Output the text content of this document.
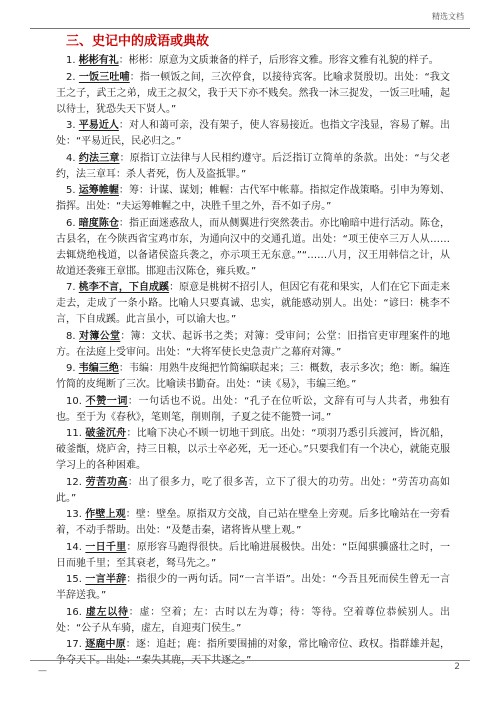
精选文档
三、史记中的成语或典故

1. 彬彬有礼：彬彬：原意为文质兼备的样子，后形容文雅。形容文雅有礼貌的样子。

2. 一饭三吐哺：指一顿饭之间，三次停食，以接待宾客。比喻求贤殷切。出处：“我文王之子，武王之弟，成王之叔父，我于天下亦不贱矣。然我一沐三捉发，一饭三吐哺，起以待士，犹恐失天下贤人。”

3. 平易近人：对人和蔼可亲，没有架子，使人容易接近。也指文字浅显，容易了解。出处：“平易近民，民必归之。”

4. 约法三章：原指订立法律与人民相约遵守。后泛指订立简单的条款。出处：“与父老约，法三章耳：杀人者死，伤人及盗抵罪。”

5. 运筹帷幄：筹：计谋、谋划；帷幄：古代军中帐幕。指拟定作战策略。引申为筹划、指挥。出处：“夫运筹帷幄之中，决胜千里之外，吾不如子房。”

6. 暗度陈仓：指正面迷惑敌人，而从侧翼进行突然袭击。亦比喻暗中进行活动。陈仓，古县名，在今陕西省宝鸡市东，为通向汉中的交通孔道。出处：“项王使卒三万人从……去辄烧绝栈道，以备诸侯盗兵袭之，亦示项王无东意。”“……八月，汉王用韩信之计，从故道还袭雍王章邯。邯迎击汉陈仓，雍兵败。”

7. 桃李不言，下自成蹊：原意是桃树不招引人，但因它有花和果实，人们在它下面走来走去，走成了一条小路。比喻人只要真诚、忠实，就能感动别人。出处：“谚曰：桃李不言，下自成蹊。此言虽小，可以谕大也。”

8. 对簿公堂：簿：文状、起诉书之类；对簿：受审问；公堂：旧指官吏审理案件的地方。在法庭上受审问。出处：“大将军使长史急责广之幕府对簿。”

9. 韦编三绝：韦编：用熟牛皮绳把竹简编联起来；三：概数，表示多次；绝：断。编连竹简的皮绳断了三次。比喻读书勤奋。出处：“读《易》，韦编三绝。”

10. 不赞一词：一句话也不说。出处：“孔子在位听讼，文辞有可与人共者，弗独有也。至于为《春秋》，笔则笔，削则削，子夏之徒不能赞一词。”

11. 破釜沉舟：比喻下决心不顾一切地干到底。出处：“项羽乃悉引兵渡河，皆沉船，破釜甑，烧庐舍，持三日粮，以示士卒必死，无一还心。”只要我们有一个决心，就能克服学习上的各种困难。

12. 劳苦功高：出了很多力，吃了很多苦，立下了很大的功劳。出处：“劳苦功高如此。”

13. 作壁上观：壁：壁垒。原指双方交战，自己站在壁垒上旁观。后多比喻站在一旁看着，不动手帮助。出处：“及楚击秦，诸将皆从壁上观。”

14. 一日千里：原形容马跑得很快。后比喻进展极快。出处：“臣闻骐骥盛壮之时，一日而驰千里；至其衰老，驽马先之。”

15. 一言半辞：指很少的一两句话。同“一言半语”。出处：“今吾且死而侯生曾无一言半辞送我。”

16. 虚左以待：虚：空着；左：古时以左为尊；待：等待。空着尊位恭候别人。出处：“公子从车骑，虚左，自迎夷门侯生。”

17. 逐鹿中原：逐：追赶；鹿：指所要围捕的对象，常比喻帝位、政权。指群雄并起，争夺天下。出处：“秦失其鹿，天下共逐之。”

—	2
